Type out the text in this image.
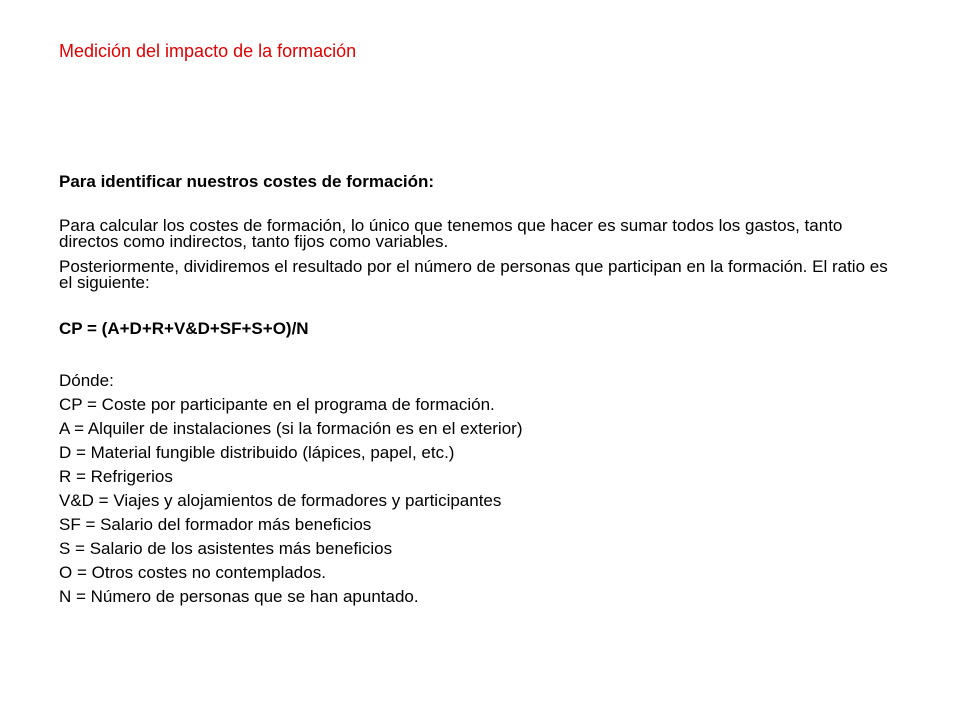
Medición del impacto de la formación

Para identificar nuestros costes de formación:

Para calcular los costes de formación, lo único que tenemos que hacer es sumar todos los gastos, tanto directos como indirectos, tanto fijos como variables.

Posteriormente, dividiremos el resultado por el número de personas que participan en la formación. El ratio es el siguiente:

CP = (A+D+R+V&D+SF+S+O)/N

Dónde:
CP = Coste por participante en el programa de formación.
A = Alquiler de instalaciones (si la formación es en el exterior)
D = Material fungible distribuido (lápices, papel, etc.)
R = Refrigerios
V&D = Viajes y alojamientos de formadores y participantes
SF = Salario del formador más beneficios
S = Salario de los asistentes más beneficios
O = Otros costes no contemplados.
N = Número de personas que se han apuntado.
